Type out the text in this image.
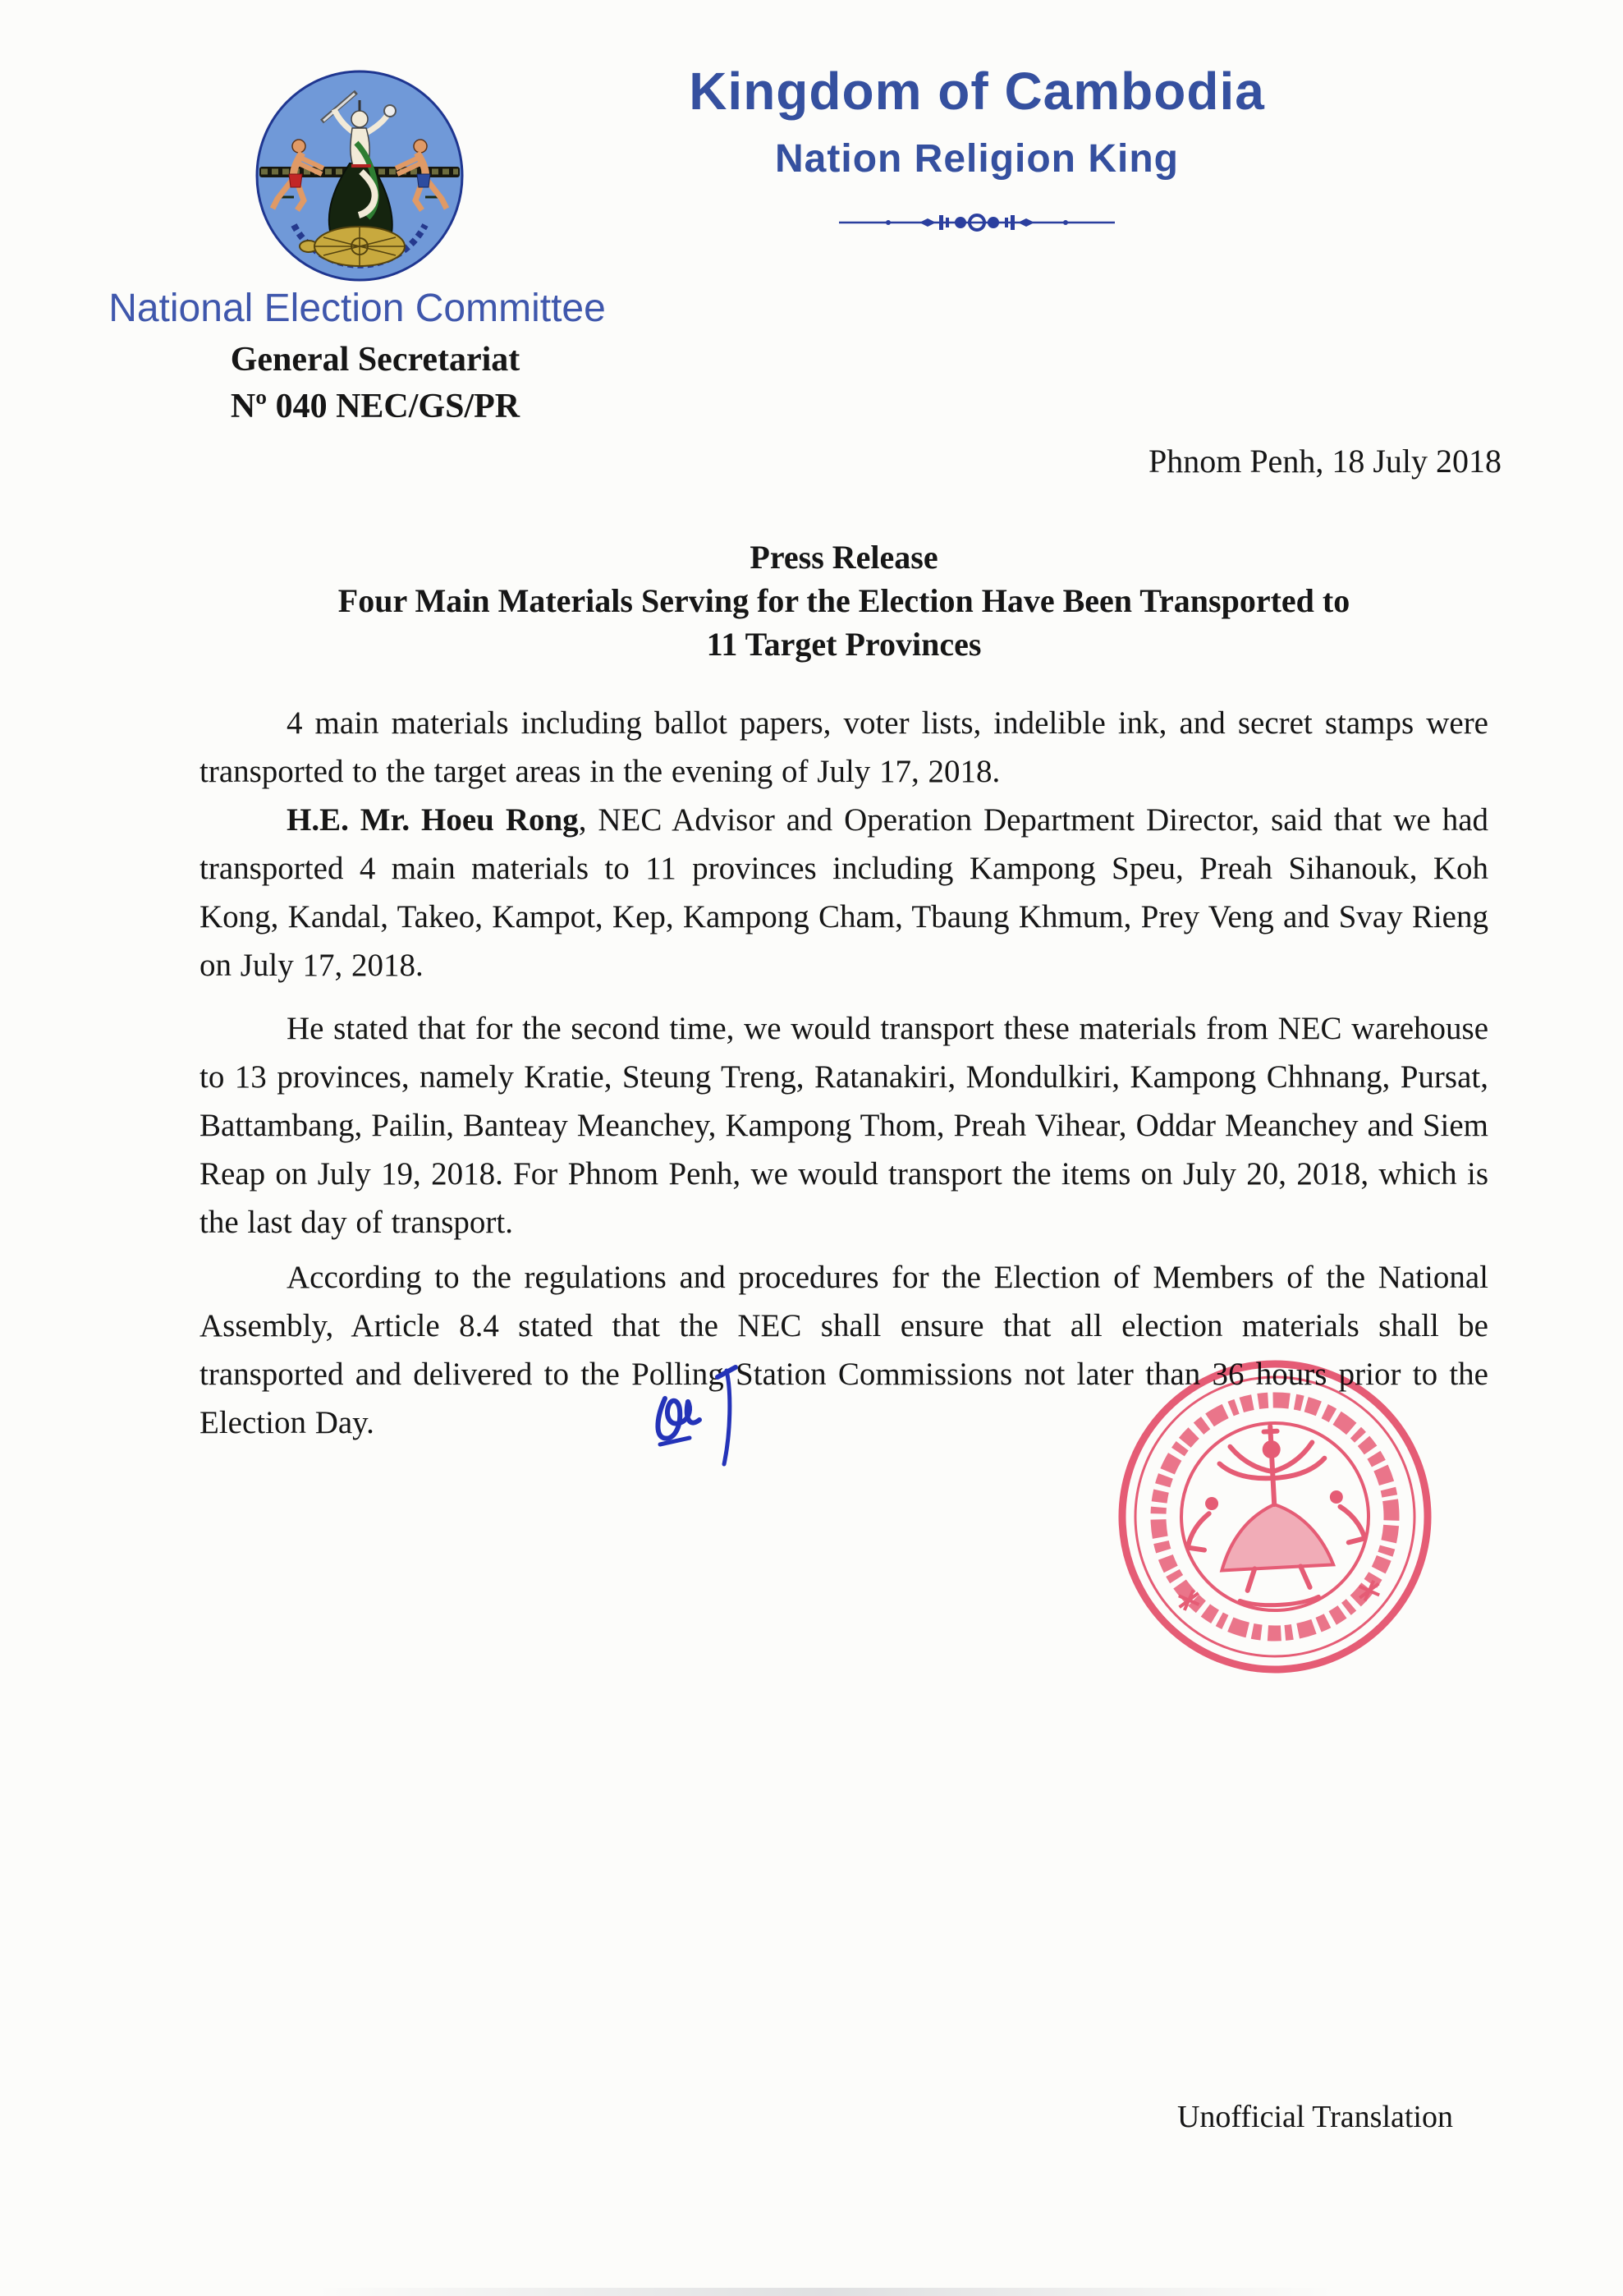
Kingdom of Cambodia
Nation Religion King
National Election Committee
General Secretariat
Nº 040 NEC/GS/PR
Phnom Penh, 18 July 2018
Press Release
Four Main Materials Serving for the Election Have Been Transported to
11 Target Provinces

4 main materials including ballot papers, voter lists, indelible ink, and secret stamps were transported to the target areas in the evening of July 17, 2018.

H.E. Mr. Hoeu Rong, NEC Advisor and Operation Department Director, said that we had transported 4 main materials to 11 provinces including Kampong Speu, Preah Sihanouk, Koh Kong, Kandal, Takeo, Kampot, Kep, Kampong Cham, Tbaung Khmum, Prey Veng and Svay Rieng on July 17, 2018.

He stated that for the second time, we would transport these materials from NEC warehouse to 13 provinces, namely Kratie, Steung Treng, Ratanakiri, Mondulkiri, Kampong Chhnang, Pursat, Battambang, Pailin, Banteay Meanchey, Kampong Thom, Preah Vihear, Oddar Meanchey and Siem Reap on July 19, 2018. For Phnom Penh, we would transport the items on July 20, 2018, which is the last day of transport.

According to the regulations and procedures for the Election of Members of the National Assembly, Article 8.4 stated that the NEC shall ensure that all election materials shall be transported and delivered to the Polling Station Commissions not later than 36 hours prior to the Election Day.

Unofficial Translation
